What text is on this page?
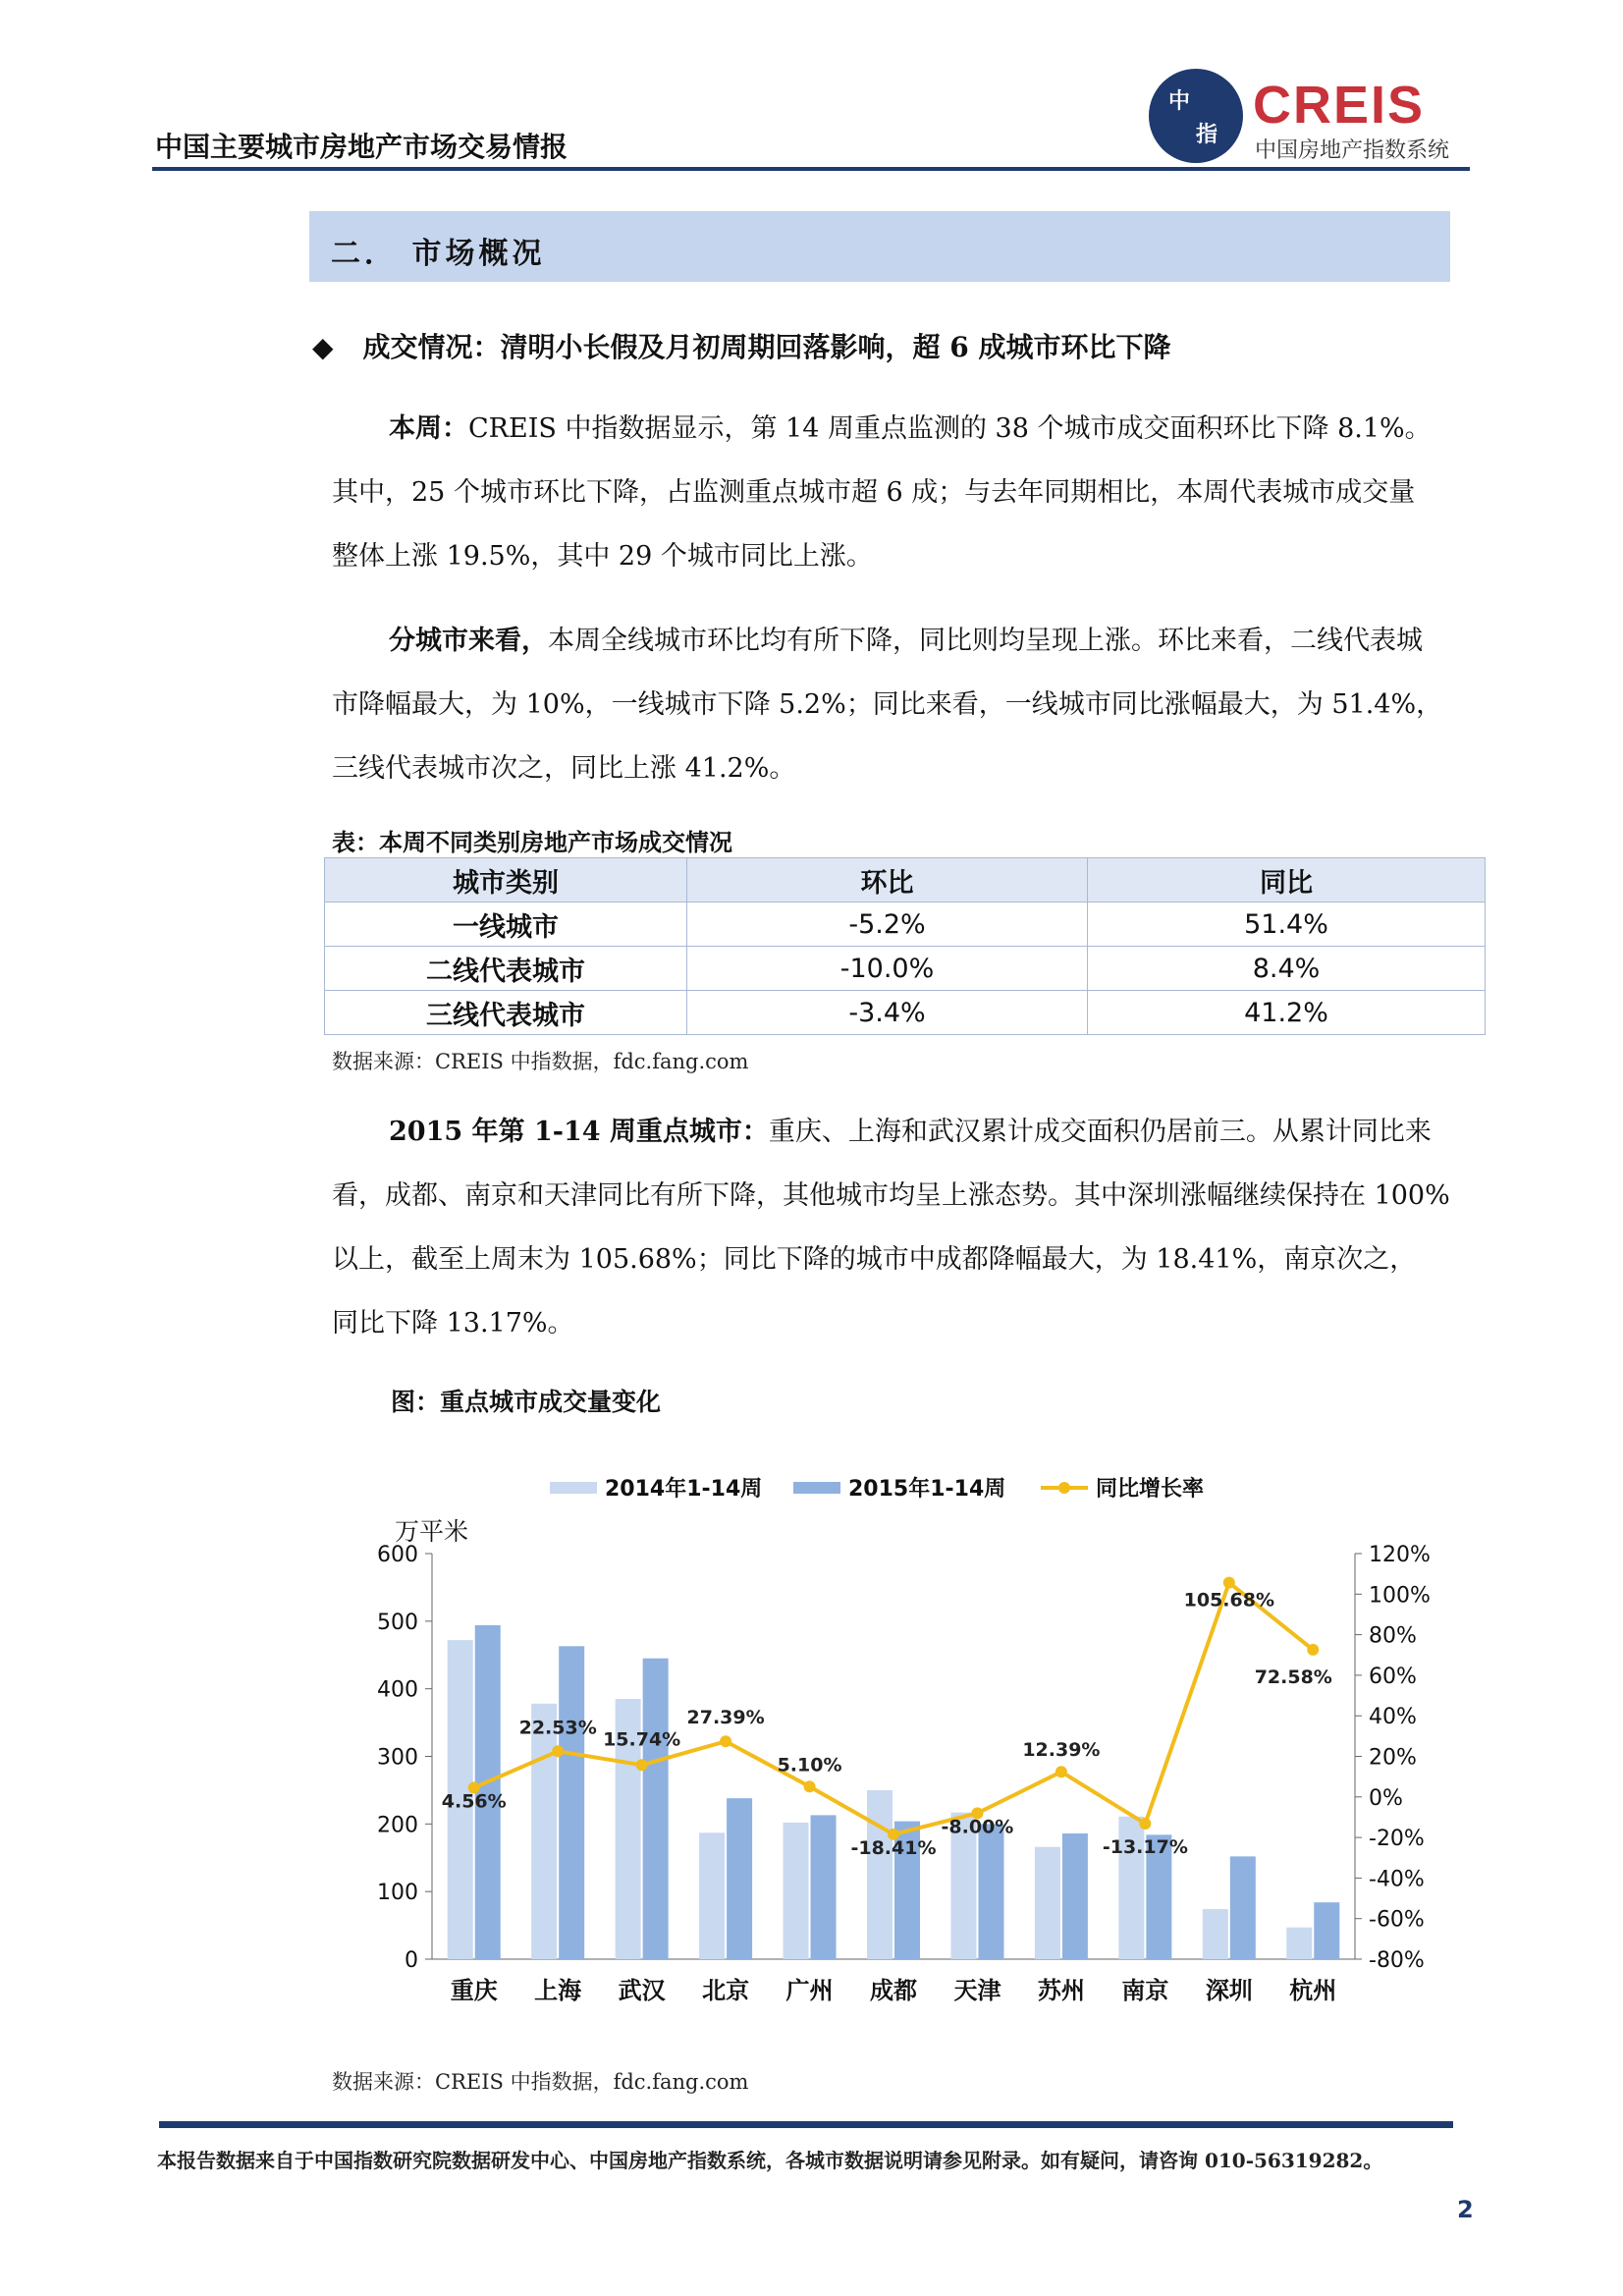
中国主要城市房地产市场交易情报
中
指
CREIS
中国房地产指数系统
二． 市场概况
◆ 成交情况：清明小长假及月初周期回落影响，超 6 成城市环比下降
本周：CREIS 中指数据显示，第 14 周重点监测的 38 个城市成交面积环比下降 8.1%。
其中，25 个城市环比下降，占监测重点城市超 6 成；与去年同期相比，本周代表城市成交量
整体上涨 19.5%，其中 29 个城市同比上涨。
分城市来看，本周全线城市环比均有所下降，同比则均呈现上涨。环比来看，二线代表城
市降幅最大，为 10%，一线城市下降 5.2%；同比来看，一线城市同比涨幅最大，为 51.4%，
三线代表城市次之，同比上涨 41.2%。
表：本周不同类别房地产市场成交情况
城市类别	环比	同比
一线城市	-5.2%	51.4%
二线代表城市	-10.0%	8.4%
三线代表城市	-3.4%	41.2%
数据来源：CREIS 中指数据，fdc.fang.com
2015 年第 1-14 周重点城市：重庆、上海和武汉累计成交面积仍居前三。从累计同比来
看，成都、南京和天津同比有所下降，其他城市均呈上涨态势。其中深圳涨幅继续保持在 100%
以上，截至上周末为 105.68%；同比下降的城市中成都降幅最大，为 18.41%，南京次之，
同比下降 13.17%。
图：重点城市成交量变化
0
100
200
300
400
500
600
-80%
-60%
-40%
-20%
0%
20%
40%
60%
80%
100%
120%
万平米
重庆 上海 武汉 北京 广州 成都 天津 苏州 南京 深圳 杭州
4.56%
22.53%
15.74%
27.39%
5.10%
-18.41%
-8.00%
12.39%
-13.17%
105.68%
72.58%
2014年1-14周	2015年1-14周	同比增长率
数据来源：CREIS 中指数据，fdc.fang.com
本报告数据来自于中国指数研究院数据研发中心、中国房地产指数系统，各城市数据说明请参见附录。如有疑问，请咨询 010-56319282。
2
